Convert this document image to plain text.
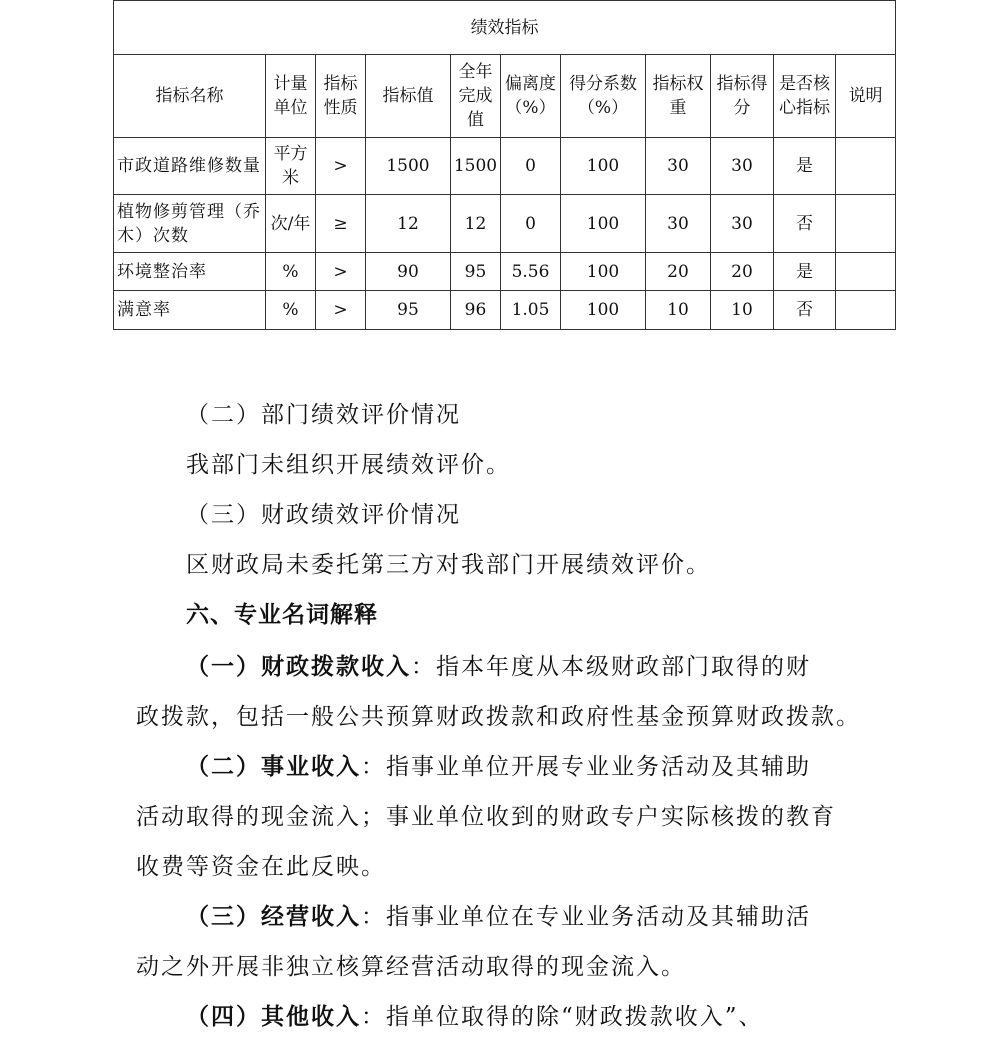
绩效指标										
指标名称	计量单位	指标性质	指标值	全年完成值	偏离度（%）	得分系数（%）	指标权重	指标得分	是否核心指标	说明
市政道路维修数量	平方米	>	1500	1500	0	100	30	30	是	
植物修剪管理（乔木）次数	次/年	≥	12	12	0	100	30	30	否	
环境整治率	%	>	90	95	5.56	100	20	20	是	
满意率	%	>	95	96	1.05	100	10	10	否	
（二）部门绩效评价情况
我部门未组织开展绩效评价。
（三）财政绩效评价情况
区财政局未委托第三方对我部门开展绩效评价。
六、专业名词解释
（一）财政拨款收入：指本年度从本级财政部门取得的财
政拨款，包括一般公共预算财政拨款和政府性基金预算财政拨款。
（二）事业收入：指事业单位开展专业业务活动及其辅助
活动取得的现金流入；事业单位收到的财政专户实际核拨的教育
收费等资金在此反映。
（三）经营收入：指事业单位在专业业务活动及其辅助活
动之外开展非独立核算经营活动取得的现金流入。
（四）其他收入：指单位取得的除“财政拨款收入”、
